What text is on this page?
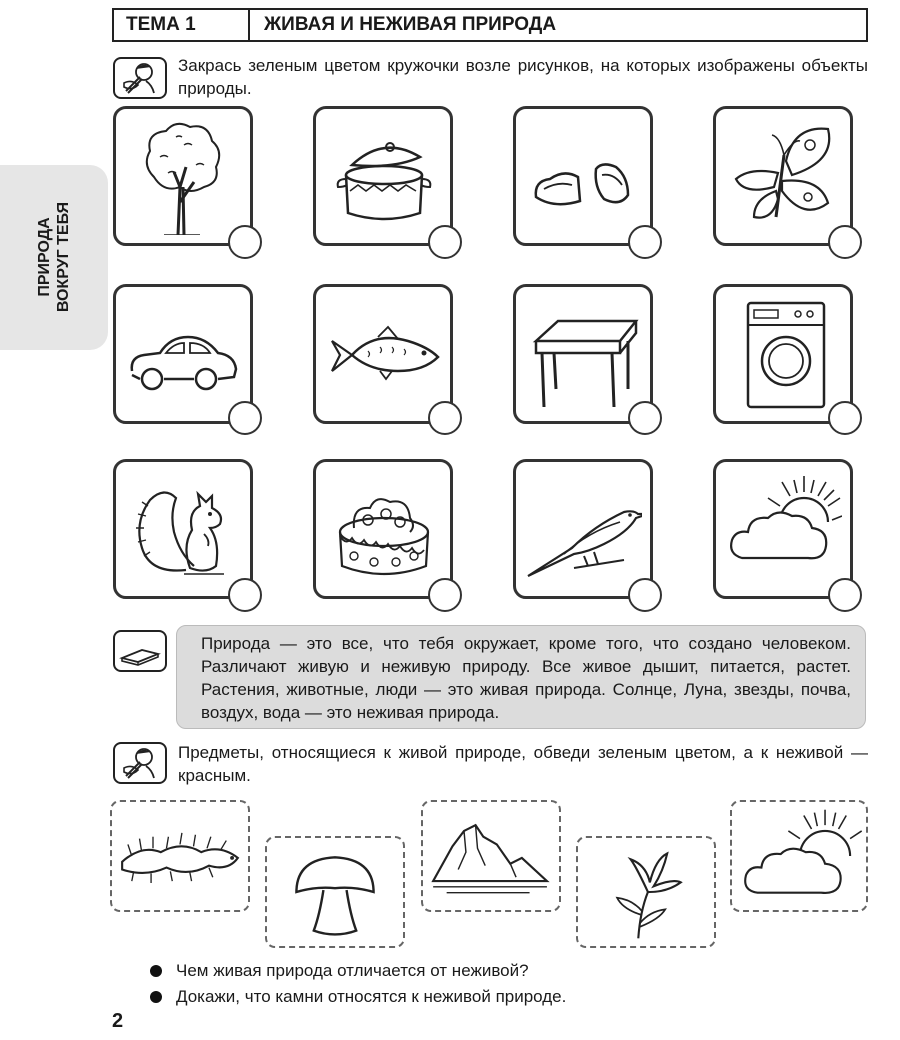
ТЕМА 1	ЖИВАЯ И НЕЖИВАЯ ПРИРОДА
ПРИРОДА ВОКРУГ ТЕБЯ
Закрась зеленым цветом кружочки возле рисунков, на которых изображены объекты природы.
Природа — это все, что тебя окружает, кроме того, что создано человеком. Различают живую и неживую природу. Все живое дышит, питается, растет. Растения, животные, люди — это живая природа. Солнце, Луна, звезды, почва, воздух, вода — это неживая природа.
Предметы, относящиеся к живой природе, обведи зеленым цветом, а к неживой — красным.
Чем живая природа отличается от неживой?
Докажи, что камни относятся к неживой природе.
2
